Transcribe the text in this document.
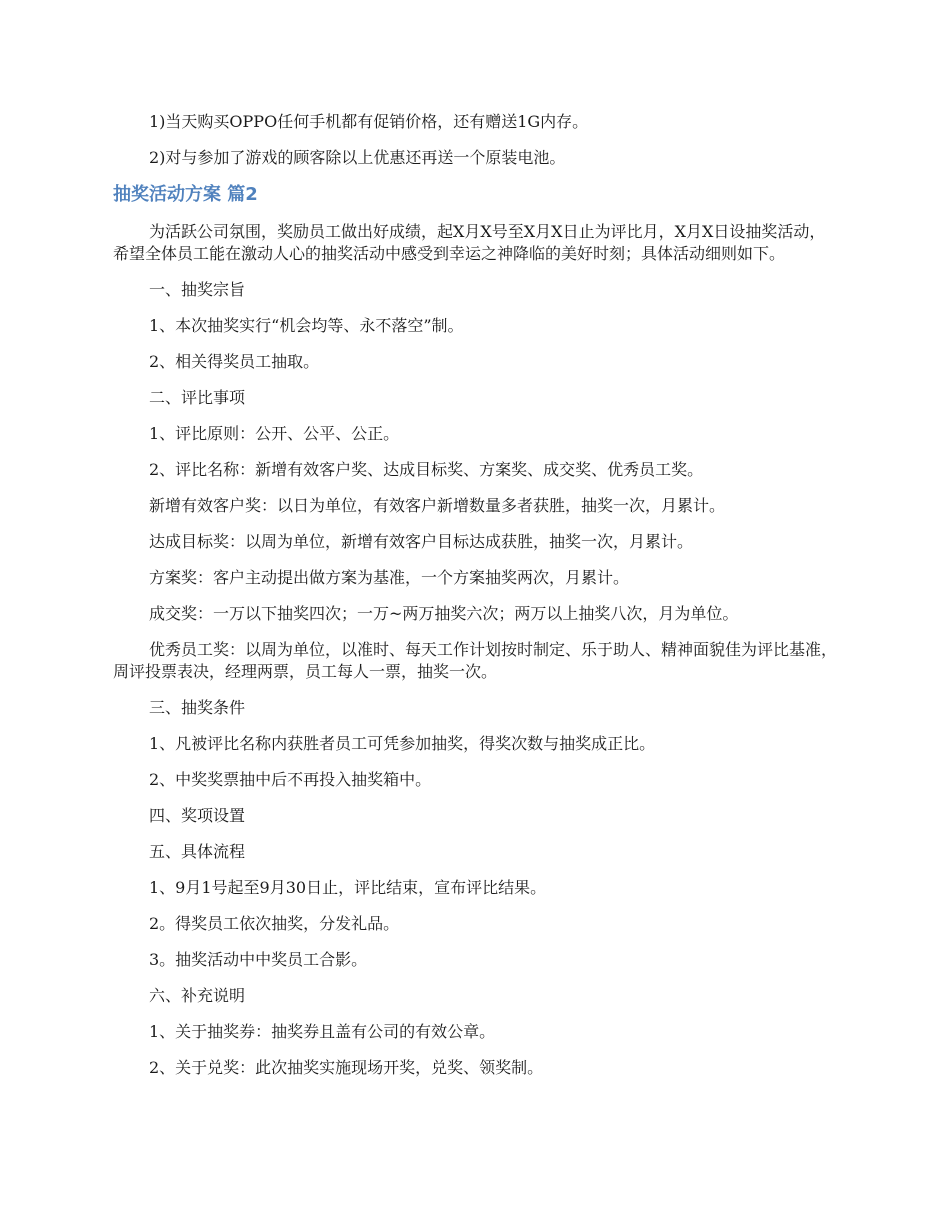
1)当天购买OPPO任何手机都有促销价格，还有赠送1G内存。

2)对与参加了游戏的顾客除以上优惠还再送一个原装电池。

抽奖活动方案 篇2

为活跃公司氛围，奖励员工做出好成绩，起X月X号至X月X日止为评比月，X月X日设抽奖活动，希望全体员工能在激动人心的抽奖活动中感受到幸运之神降临的美好时刻；具体活动细则如下。

一、抽奖宗旨

1、本次抽奖实行“机会均等、永不落空”制。

2、相关得奖员工抽取。

二、评比事项

1、评比原则：公开、公平、公正。

2、评比名称：新增有效客户奖、达成目标奖、方案奖、成交奖、优秀员工奖。

新增有效客户奖：以日为单位，有效客户新增数量多者获胜，抽奖一次，月累计。

达成目标奖：以周为单位，新增有效客户目标达成获胜，抽奖一次，月累计。

方案奖：客户主动提出做方案为基准，一个方案抽奖两次，月累计。

成交奖：一万以下抽奖四次；一万~两万抽奖六次；两万以上抽奖八次，月为单位。

优秀员工奖：以周为单位，以准时、每天工作计划按时制定、乐于助人、精神面貌佳为评比基准，周评投票表决，经理两票，员工每人一票，抽奖一次。

三、抽奖条件

1、凡被评比名称内获胜者员工可凭参加抽奖，得奖次数与抽奖成正比。

2、中奖奖票抽中后不再投入抽奖箱中。

四、奖项设置

五、具体流程

1、9月1号起至9月30日止，评比结束，宣布评比结果。

2。得奖员工依次抽奖，分发礼品。

3。抽奖活动中中奖员工合影。

六、补充说明

1、关于抽奖券：抽奖券且盖有公司的有效公章。

2、关于兑奖：此次抽奖实施现场开奖，兑奖、领奖制。
